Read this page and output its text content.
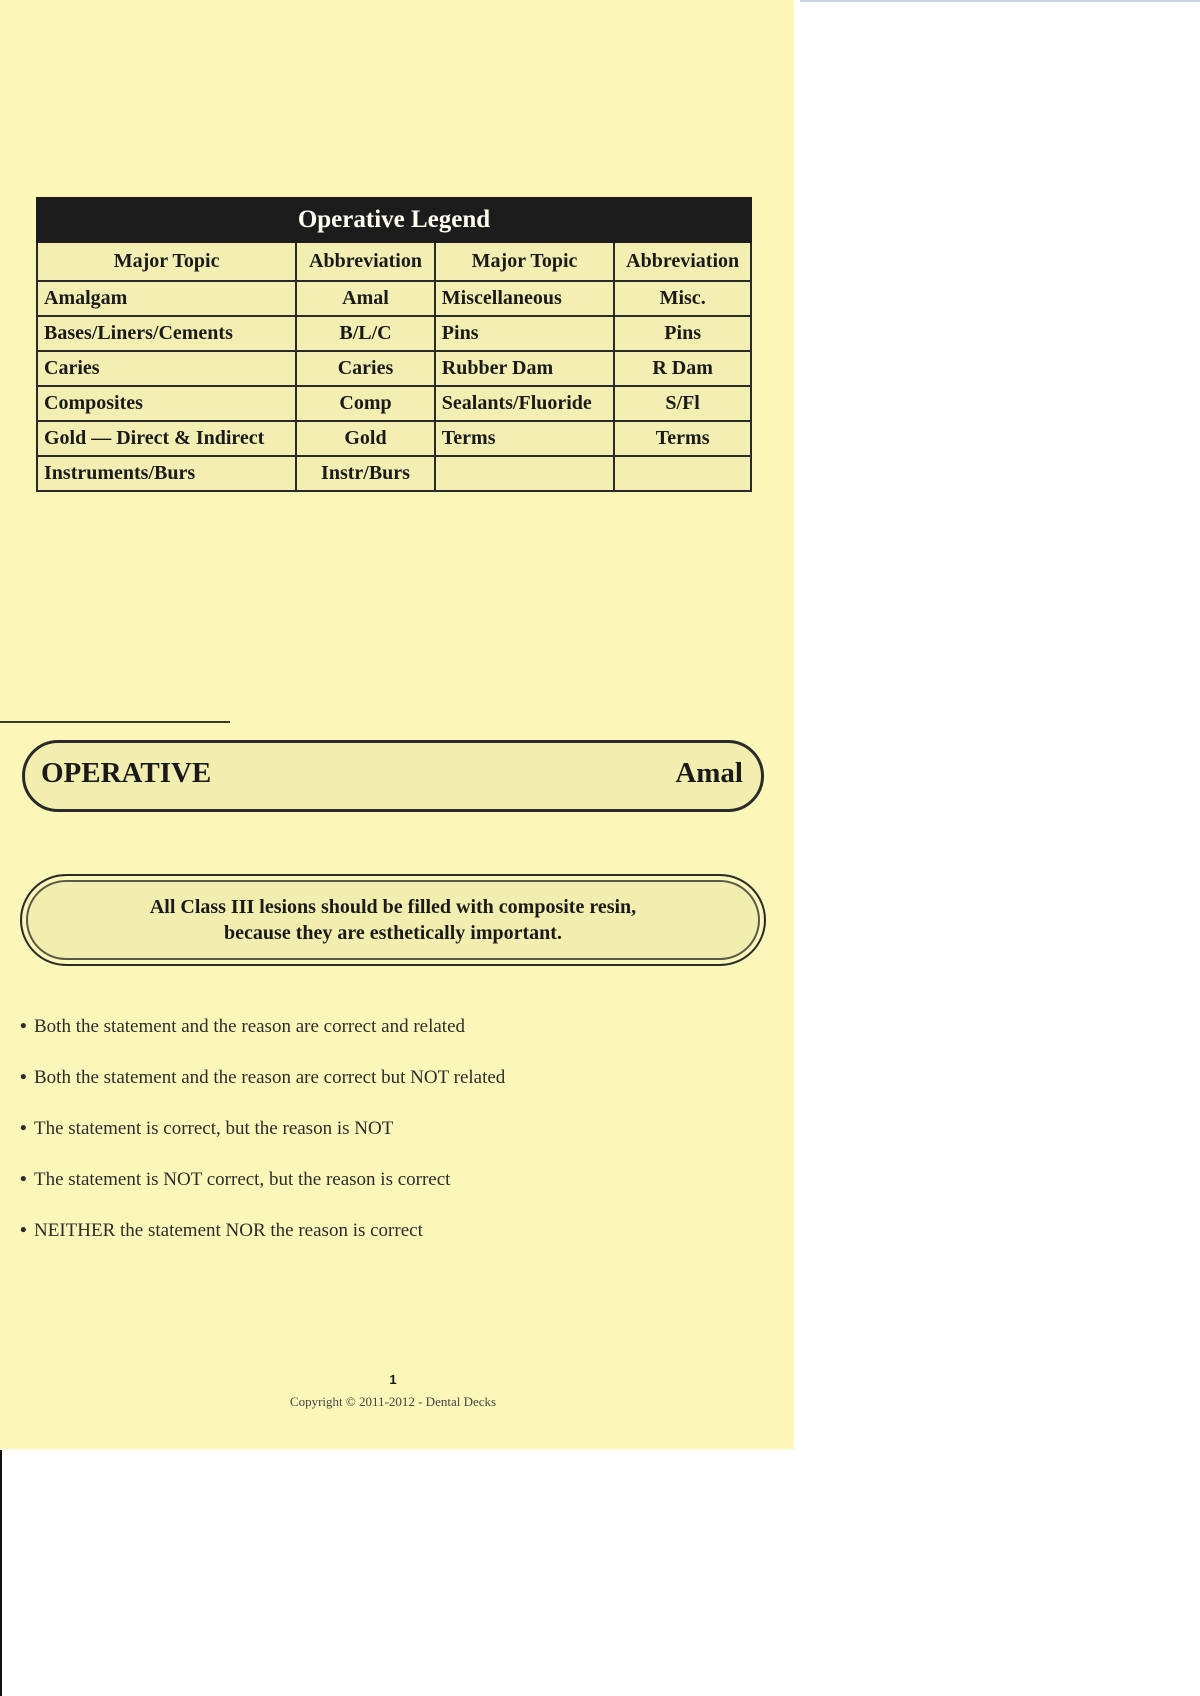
Operative Legend			
Major Topic	Abbreviation	Major Topic	Abbreviation
Amalgam	Amal	Miscellaneous	Misc.
Bases/Liners/Cements	B/L/C	Pins	Pins
Caries	Caries	Rubber Dam	R Dam
Composites	Comp	Sealants/Fluoride	S/Fl
Gold — Direct & Indirect	Gold	Terms	Terms
Instruments/Burs	Instr/Burs		
OPERATIVE	Amal
All Class III lesions should be filled with composite resin,
because they are esthetically important.
• Both the statement and the reason are correct and related
• Both the statement and the reason are correct but NOT related
• The statement is correct, but the reason is NOT
• The statement is NOT correct, but the reason is correct
• NEITHER the statement NOR the reason is correct
1
Copyright © 2011-2012 - Dental Decks
